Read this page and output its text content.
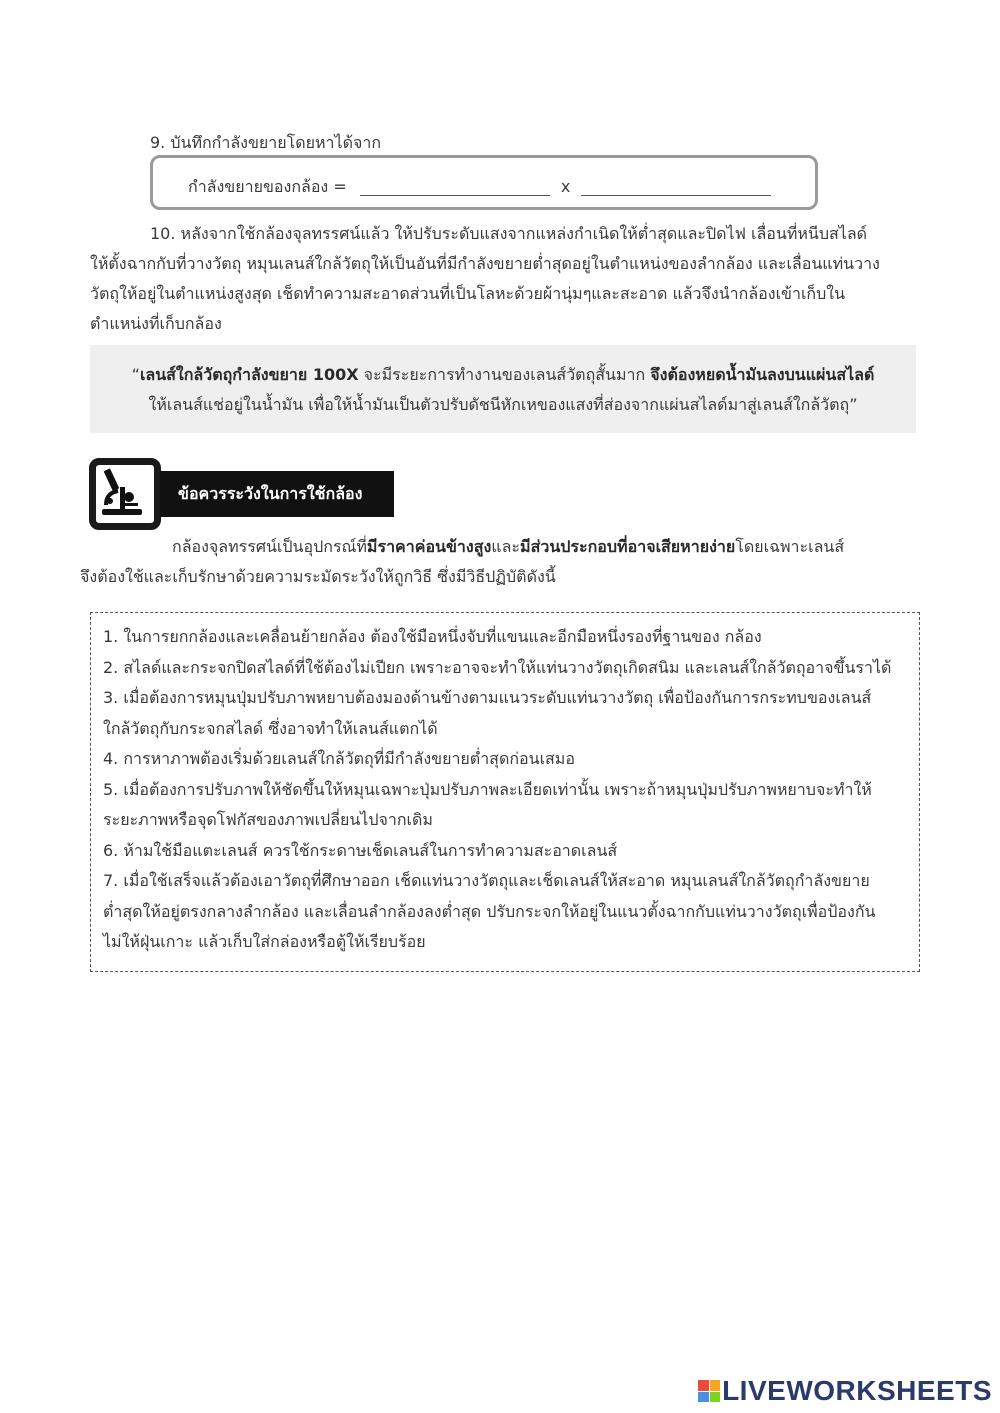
9. บันทึกกำลังขยายโดยหาได้จาก
กำลังขยายของกล้อง =	x
10. หลังจากใช้กล้องจุลทรรศน์แล้ว ให้ปรับระดับแสงจากแหล่งกำเนิดให้ต่ำสุดและปิดไฟ เลื่อนที่หนีบสไลด์
ให้ตั้งฉากกับที่วางวัตถุ หมุนเลนส์ใกล้วัตถุให้เป็นอันที่มีกำลังขยายต่ำสุดอยู่ในตำแหน่งของลำกล้อง และเลื่อนแท่นวาง
วัตถุให้อยู่ในตำแหน่งสูงสุด เช็ดทำความสะอาดส่วนที่เป็นโลหะด้วยผ้านุ่มๆและสะอาด แล้วจึงนำกล้องเข้าเก็บใน
ตำแหน่งที่เก็บกล้อง
“เลนส์ใกล้วัตถุกำลังขยาย 100X จะมีระยะการทำงานของเลนส์วัตถุสั้นมาก จึงต้องหยดน้ำมันลงบนแผ่นสไลด์
ให้เลนส์แช่อยู่ในน้ำมัน เพื่อให้น้ำมันเป็นตัวปรับดัชนีหักเหของแสงที่ส่องจากแผ่นสไลด์มาสู่เลนส์ใกล้วัตถุ”
ข้อควรระวังในการใช้กล้อง
กล้องจุลทรรศน์เป็นอุปกรณ์ที่มีราคาค่อนข้างสูงและมีส่วนประกอบที่อาจเสียหายง่ายโดยเฉพาะเลนส์
จึงต้องใช้และเก็บรักษาด้วยความระมัดระวังให้ถูกวิธี ซึ่งมีวิธีปฏิบัติดังนี้
1. ในการยกกล้องและเคลื่อนย้ายกล้อง ต้องใช้มือหนึ่งจับที่แขนและอีกมือหนึ่งรองที่ฐานของ กล้อง
2. สไลด์และกระจกปิดสไลด์ที่ใช้ต้องไม่เปียก เพราะอาจจะทำให้แท่นวางวัตถุเกิดสนิม และเลนส์ใกล้วัตถุอาจขึ้นราได้
3. เมื่อต้องการหมุนปุ่มปรับภาพหยาบต้องมองด้านข้างตามแนวระดับแท่นวางวัตถุ เพื่อป้องกันการกระทบของเลนส์
ใกล้วัตถุกับกระจกสไลด์ ซึ่งอาจทำให้เลนส์แตกได้
4. การหาภาพต้องเริ่มด้วยเลนส์ใกล้วัตถุที่มีกำลังขยายต่ำสุดก่อนเสมอ
5. เมื่อต้องการปรับภาพให้ชัดขึ้นให้หมุนเฉพาะปุ่มปรับภาพละเอียดเท่านั้น เพราะถ้าหมุนปุ่มปรับภาพหยาบจะทำให้
ระยะภาพหรือจุดโฟกัสของภาพเปลี่ยนไปจากเดิม
6. ห้ามใช้มือแตะเลนส์ ควรใช้กระดาษเช็ดเลนส์ในการทำความสะอาดเลนส์
7. เมื่อใช้เสร็จแล้วต้องเอาวัตถุที่ศึกษาออก เช็ดแท่นวางวัตถุและเช็ดเลนส์ให้สะอาด หมุนเลนส์ใกล้วัตถุกำลังขยาย
ต่ำสุดให้อยู่ตรงกลางลำกล้อง และเลื่อนลำกล้องลงต่ำสุด ปรับกระจกให้อยู่ในแนวตั้งฉากกับแท่นวางวัตถุเพื่อป้องกัน
ไม่ให้ฝุ่นเกาะ แล้วเก็บใส่กล่องหรือตู้ให้เรียบร้อย
LIVEWORKSHEETS
